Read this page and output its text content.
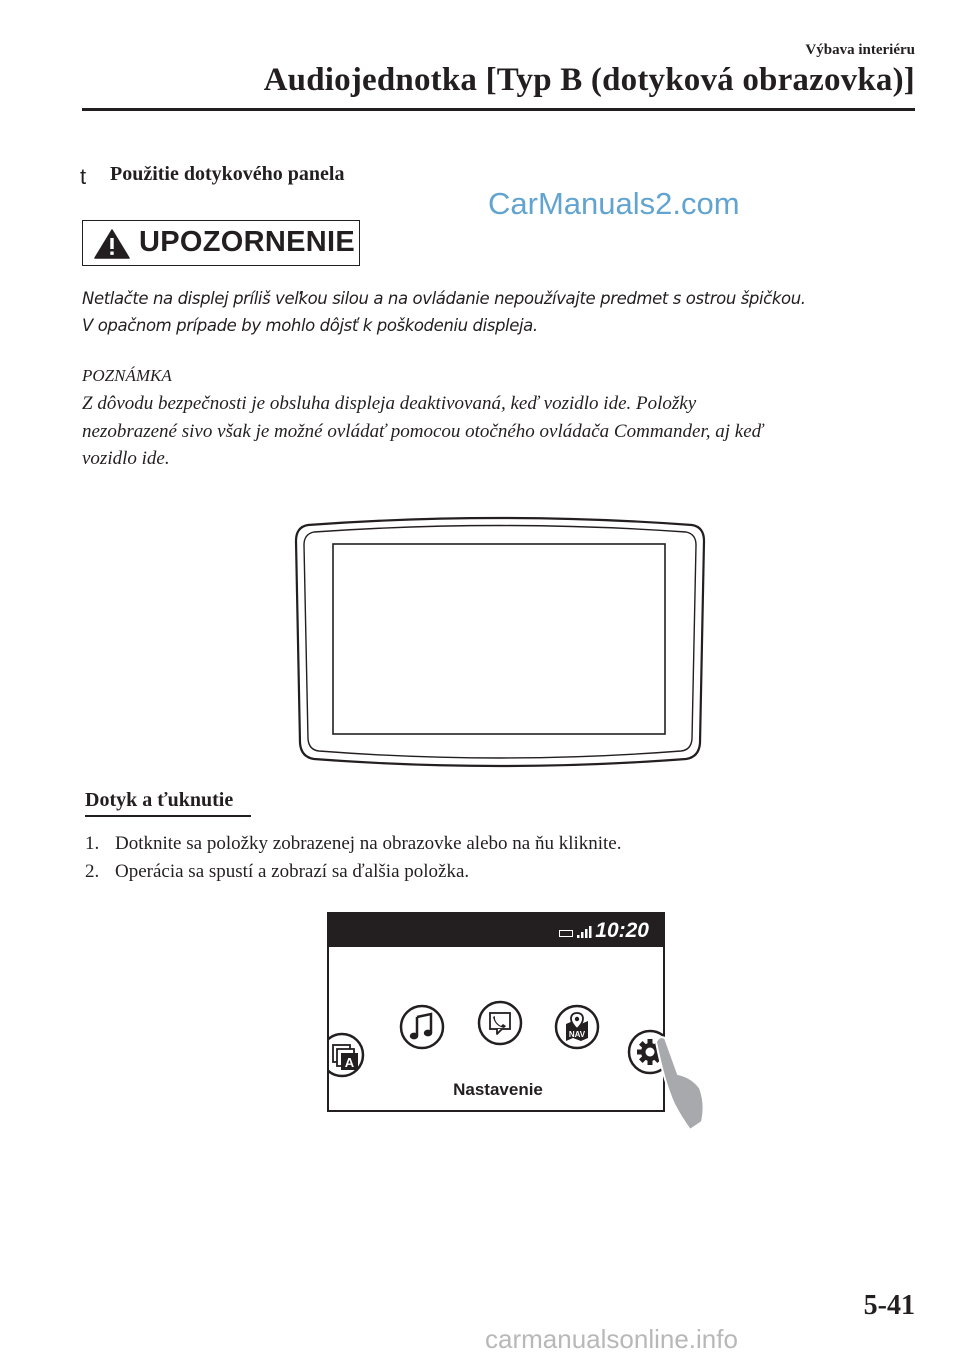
Výbava interiéru
Audiojednotka [Typ B (dotyková obrazovka)]
t Použitie dotykového panela
CarManuals2.com
UPOZORNENIE
Netlačte na displej príliš veľkou silou a na ovládanie nepoužívajte predmet s ostrou špičkou.
V opačnom prípade by mohlo dôjsť k poškodeniu displeja.
POZNÁMKA
Z dôvodu bezpečnosti je obsluha displeja deaktivovaná, keď vozidlo ide. Položky
nezobrazené sivo však je možné ovládať pomocou otočného ovládača Commander, aj keď
vozidlo ide.
Dotyk a ťuknutie
1. Dotknite sa položky zobrazenej na obrazovke alebo na ňu kliknite.
2. Operácia sa spustí a zobrazí sa ďalšia položka.
10:20
A
NAV
Nastavenie
5-41
carmanualsonline.info
